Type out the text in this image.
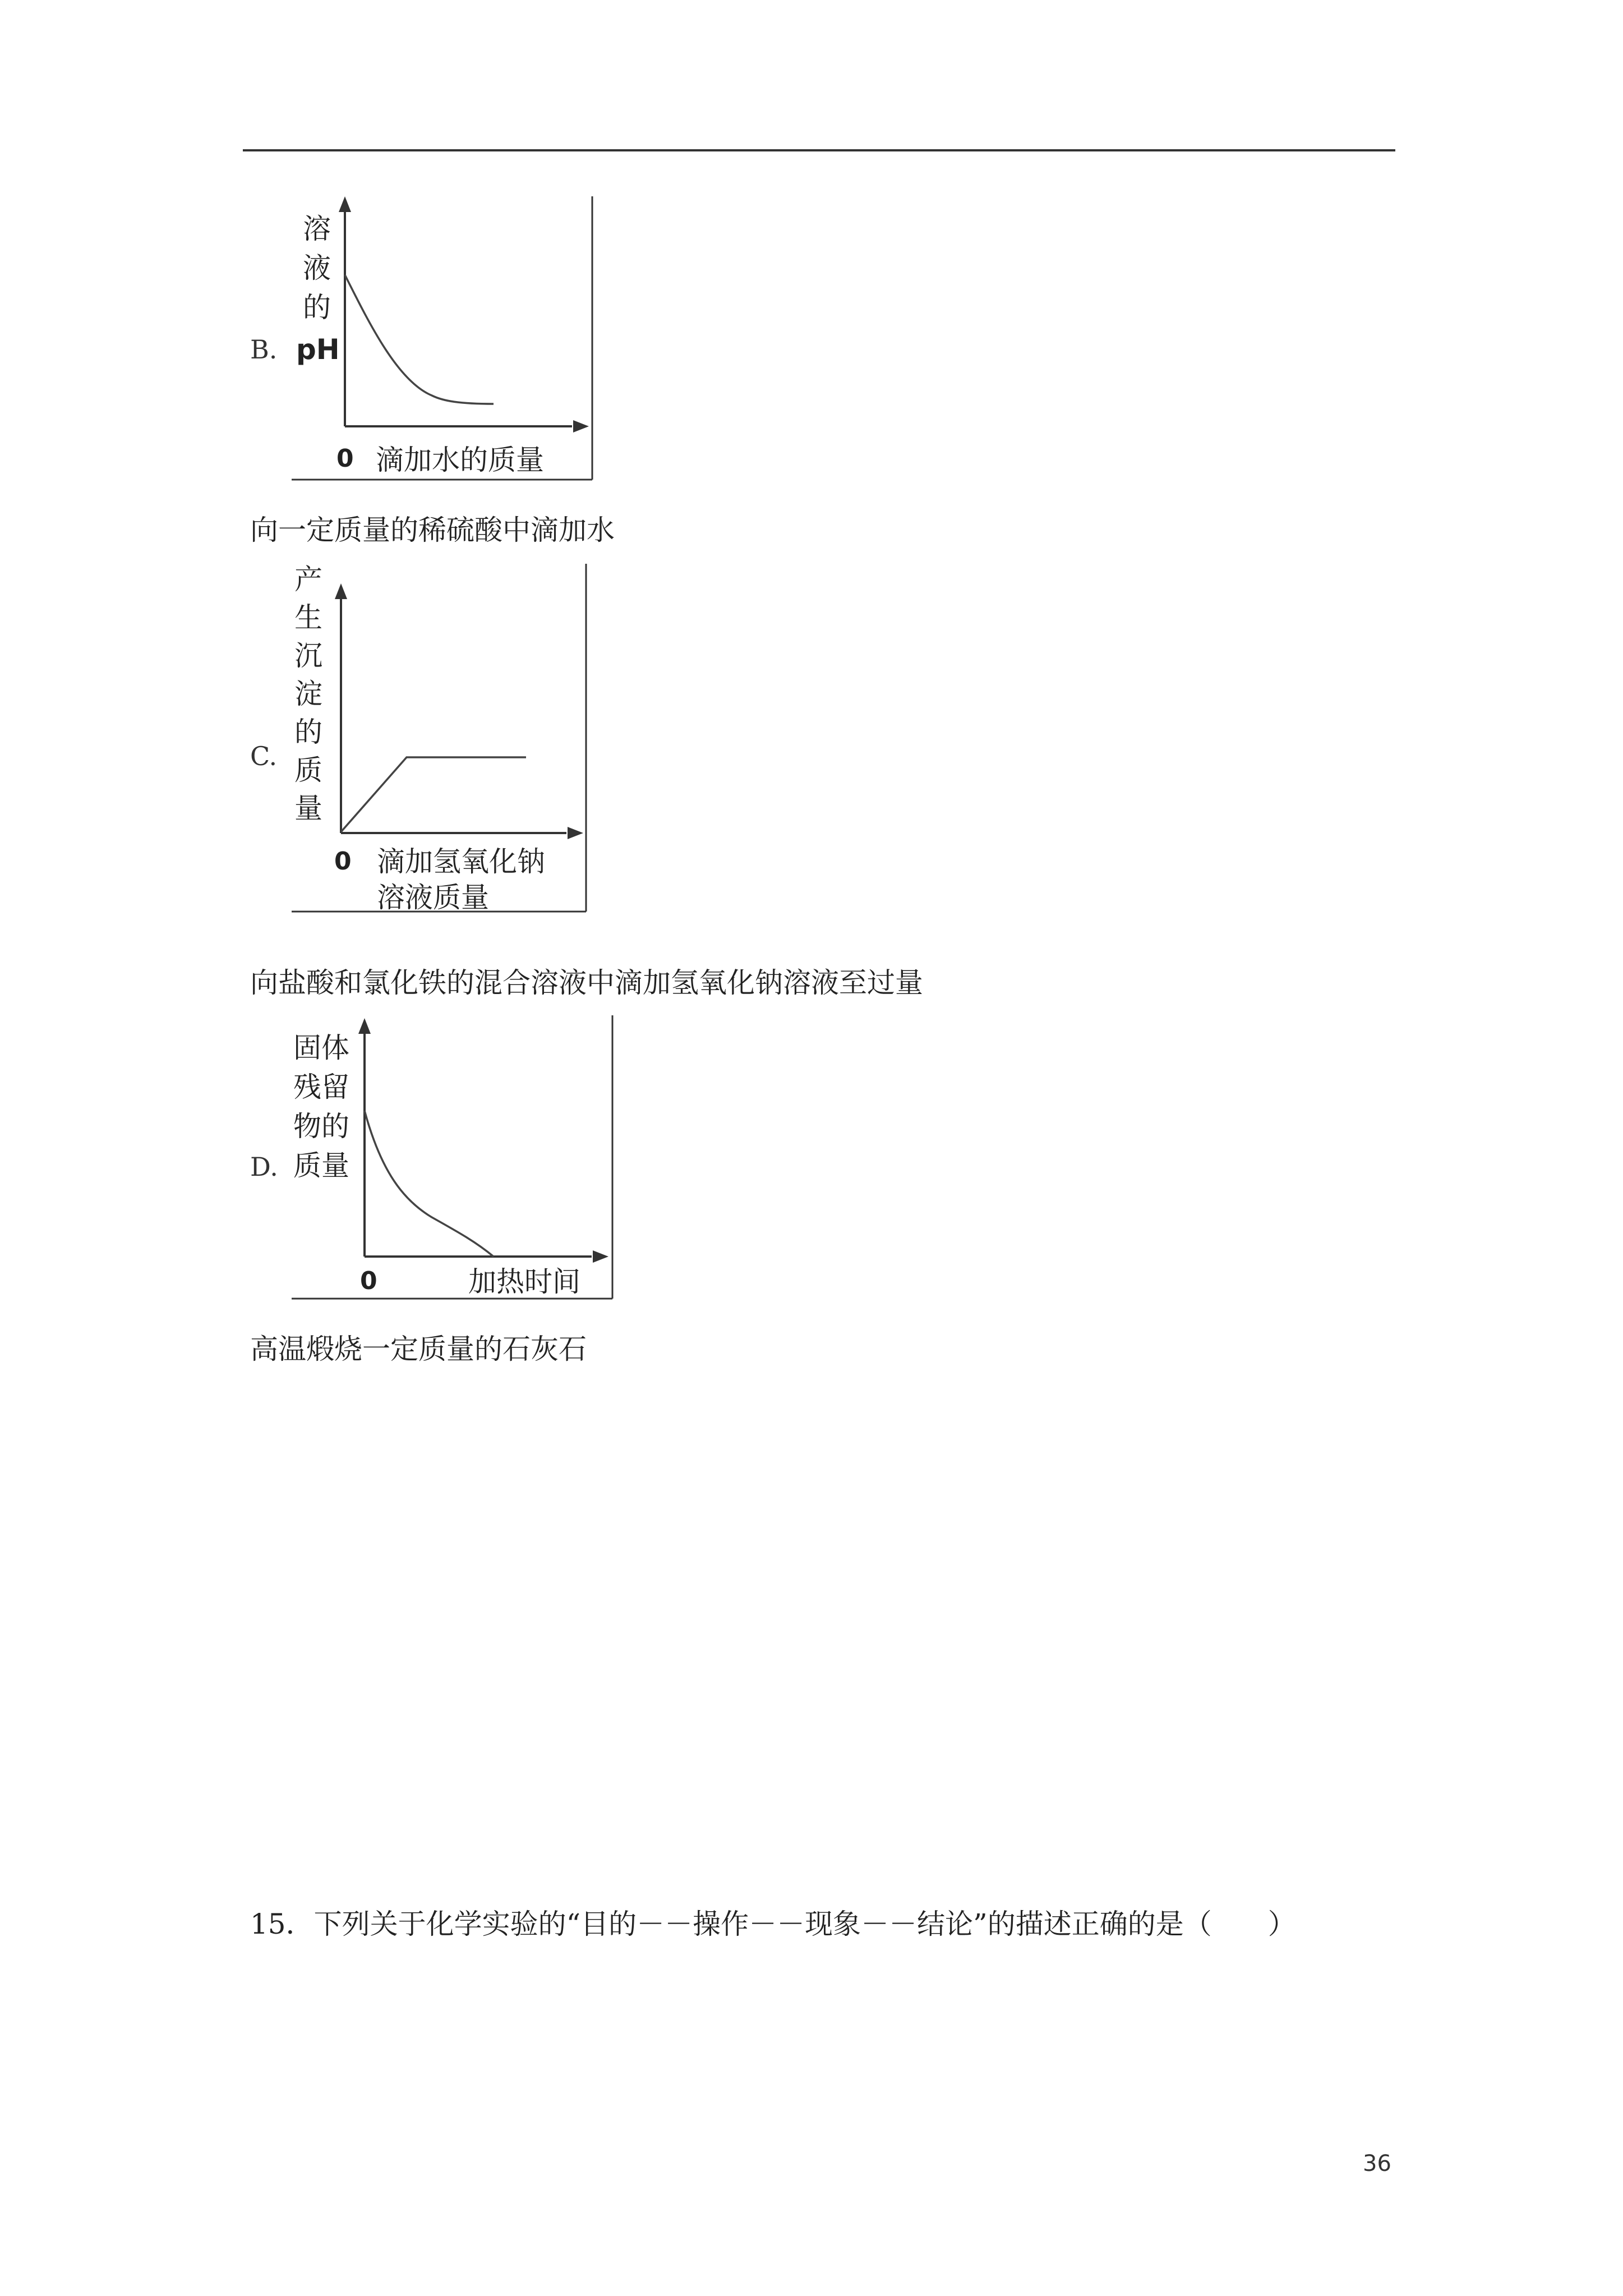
B.
溶
液
的
pH
0 滴加水的质量
向一定质量的稀硫酸中滴加水
C.
产
生
沉
淀
的
质
量
0 滴加氢氧化钠
溶液质量
向盐酸和氯化铁的混合溶液中滴加氢氧化钠溶液至过量
D.
固体
残留
物的
质量
0	加热时间
高温煅烧一定质量的石灰石
15．下列关于化学实验的“目的－－操作－－现象－－结论”的描述正确的是（　　）
36
